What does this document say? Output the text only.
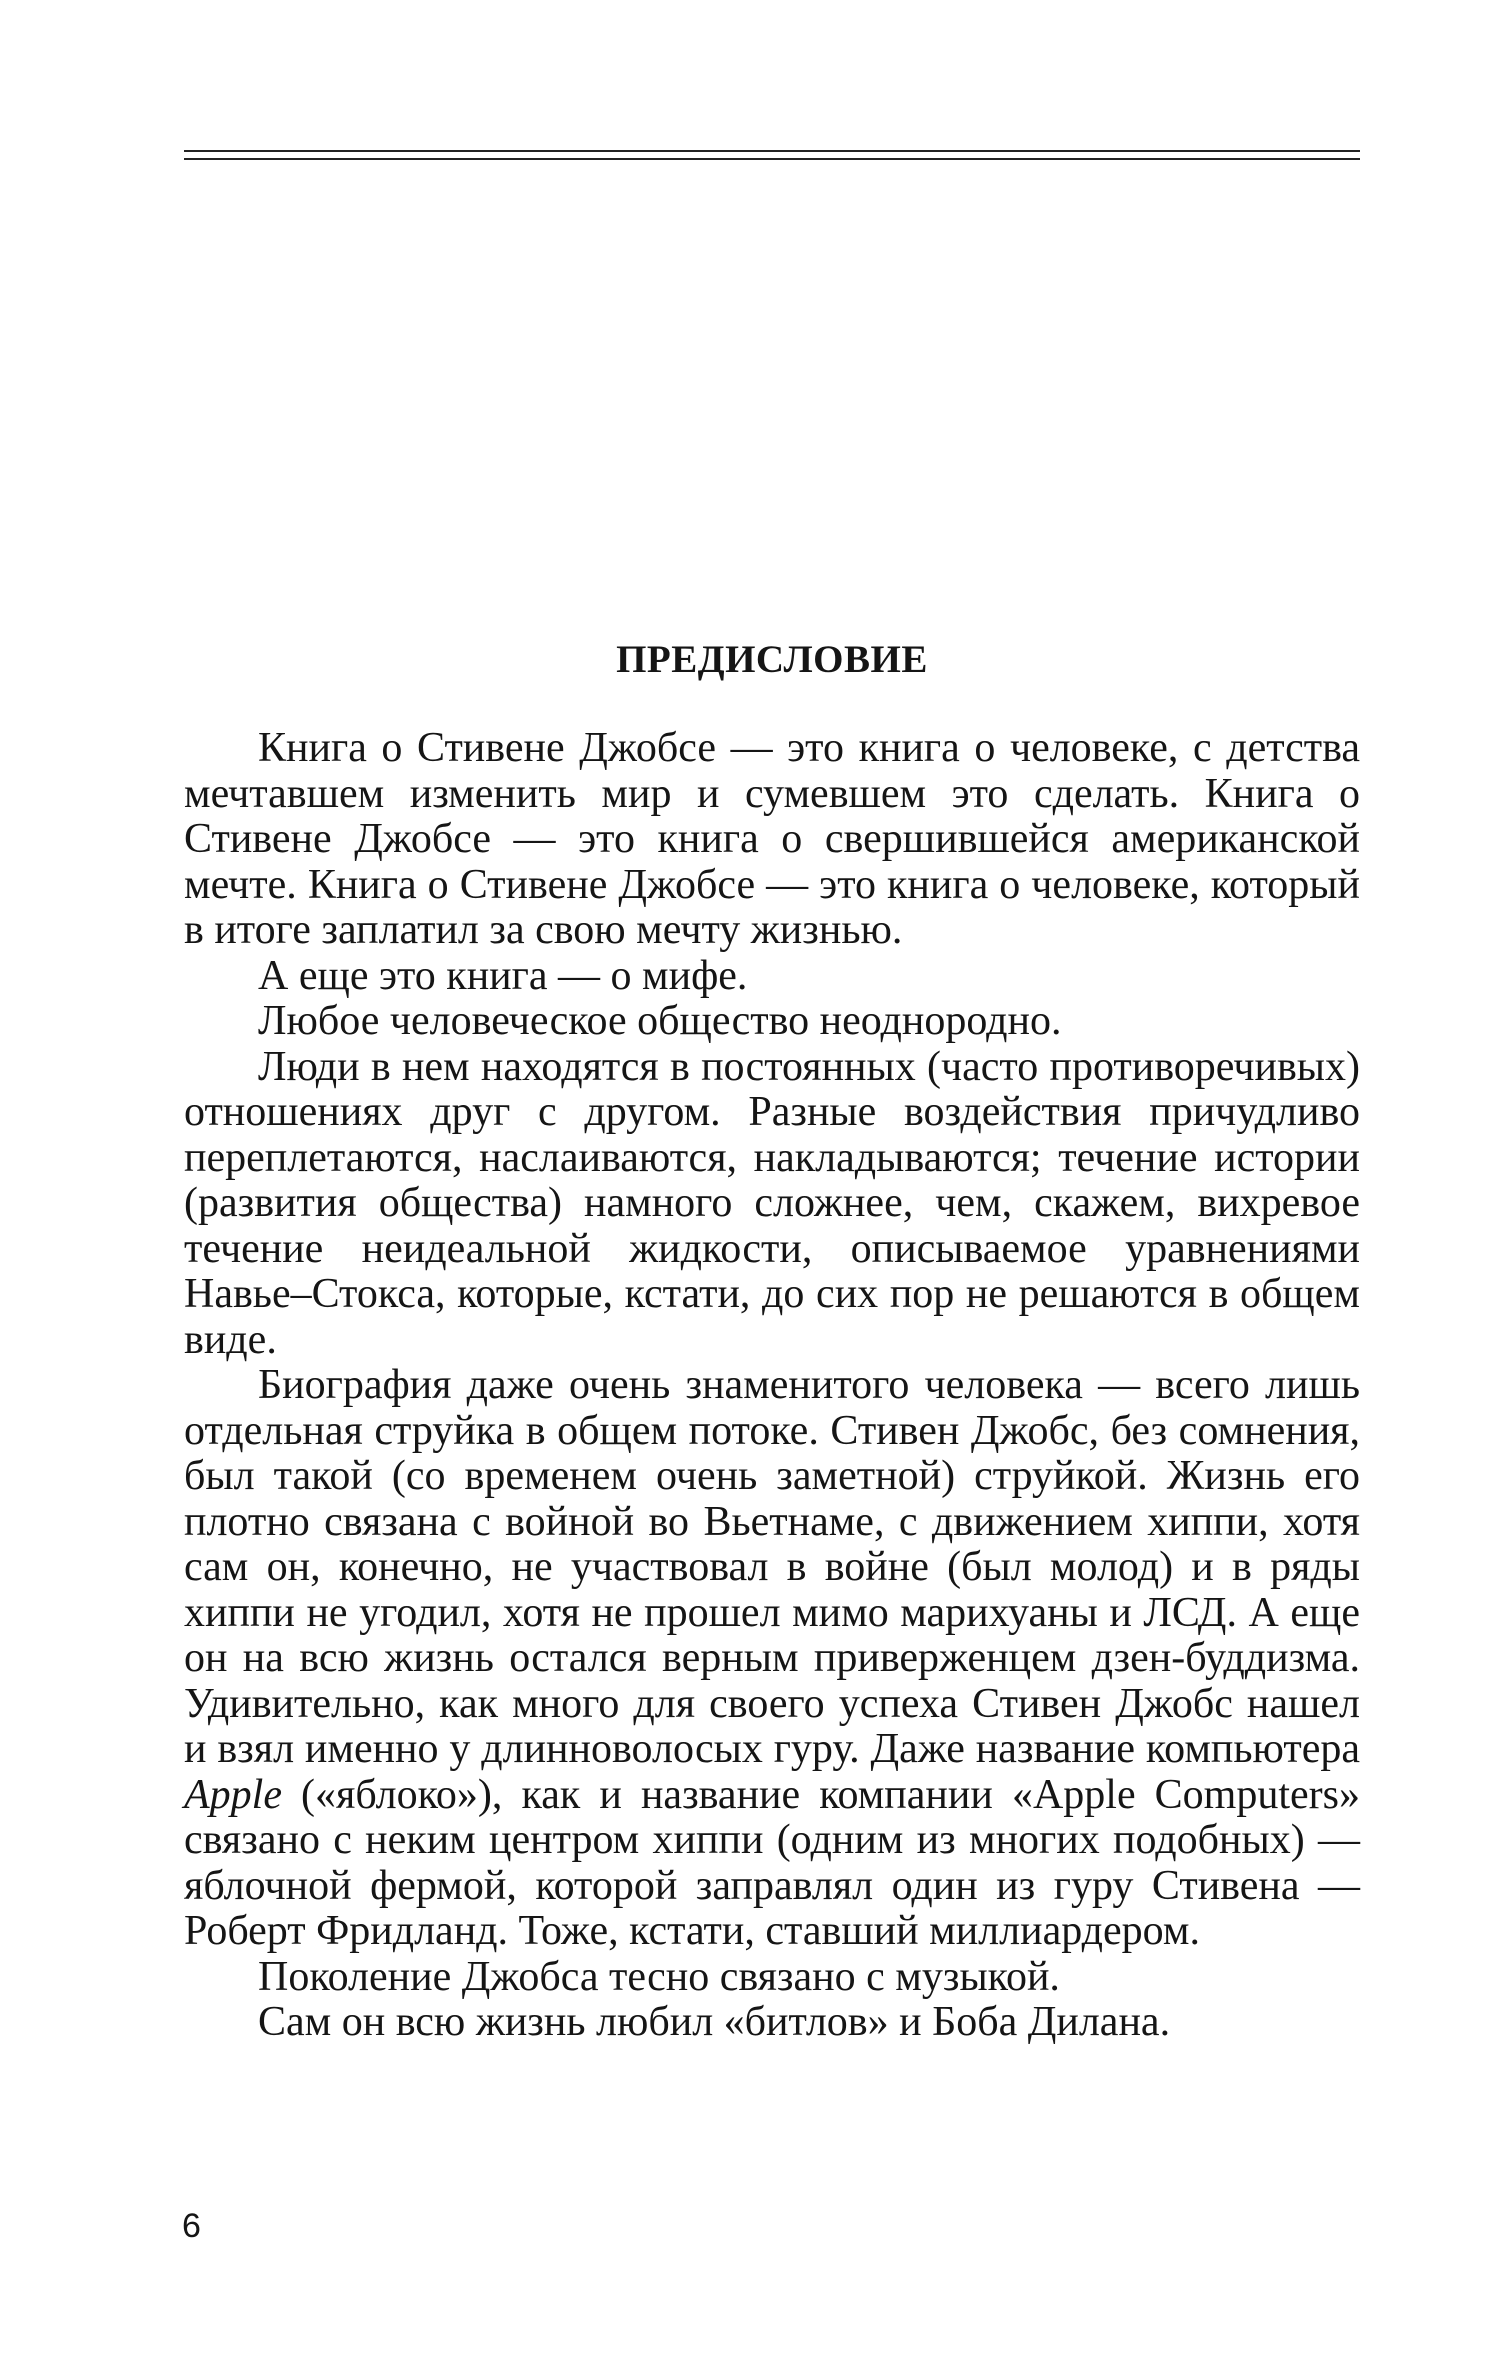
ПРЕДИСЛОВИЕ

Книга о Стивене Джобсе — это книга о человеке, с детства мечтавшем изменить мир и сумевшем это сделать. Книга о Стивене Джобсе — это книга о свершившейся американской мечте. Книга о Стивене Джобсе — это книга о человеке, который в итоге заплатил за свою мечту жизнью.

А еще это книга — о мифе.

Любое человеческое общество неоднородно.

Люди в нем находятся в постоянных (часто противоречивых) отношениях друг с другом. Разные воздействия причудливо переплетаются, наслаиваются, накладываются; течение истории (развития общества) намного сложнее, чем, скажем, вихревое течение неидеальной жидкости, описываемое уравнениями Навье–Стокса, которые, кстати, до сих пор не решаются в общем виде.

Биография даже очень знаменитого человека — всего лишь отдельная струйка в общем потоке. Стивен Джобс, без сомнения, был такой (со временем очень заметной) струйкой. Жизнь его плотно связана с войной во Вьетнаме, с движением хиппи, хотя сам он, конечно, не участвовал в войне (был молод) и в ряды хиппи не угодил, хотя не прошел мимо марихуаны и ЛСД. А еще он на всю жизнь остался верным приверженцем дзен-буддизма. Удивительно, как много для своего успеха Стивен Джобс нашел и взял именно у длинноволосых гуру. Даже название компьютера Apple («яблоко»), как и название компании «Apple Computers» связано с неким центром хиппи (одним из многих подобных) — яблочной фермой, которой заправлял один из гуру Стивена — Роберт Фридланд. Тоже, кстати, ставший миллиардером.

Поколение Джобса тесно связано с музыкой.

Сам он всю жизнь любил «битлов» и Боба Дилана.

6
